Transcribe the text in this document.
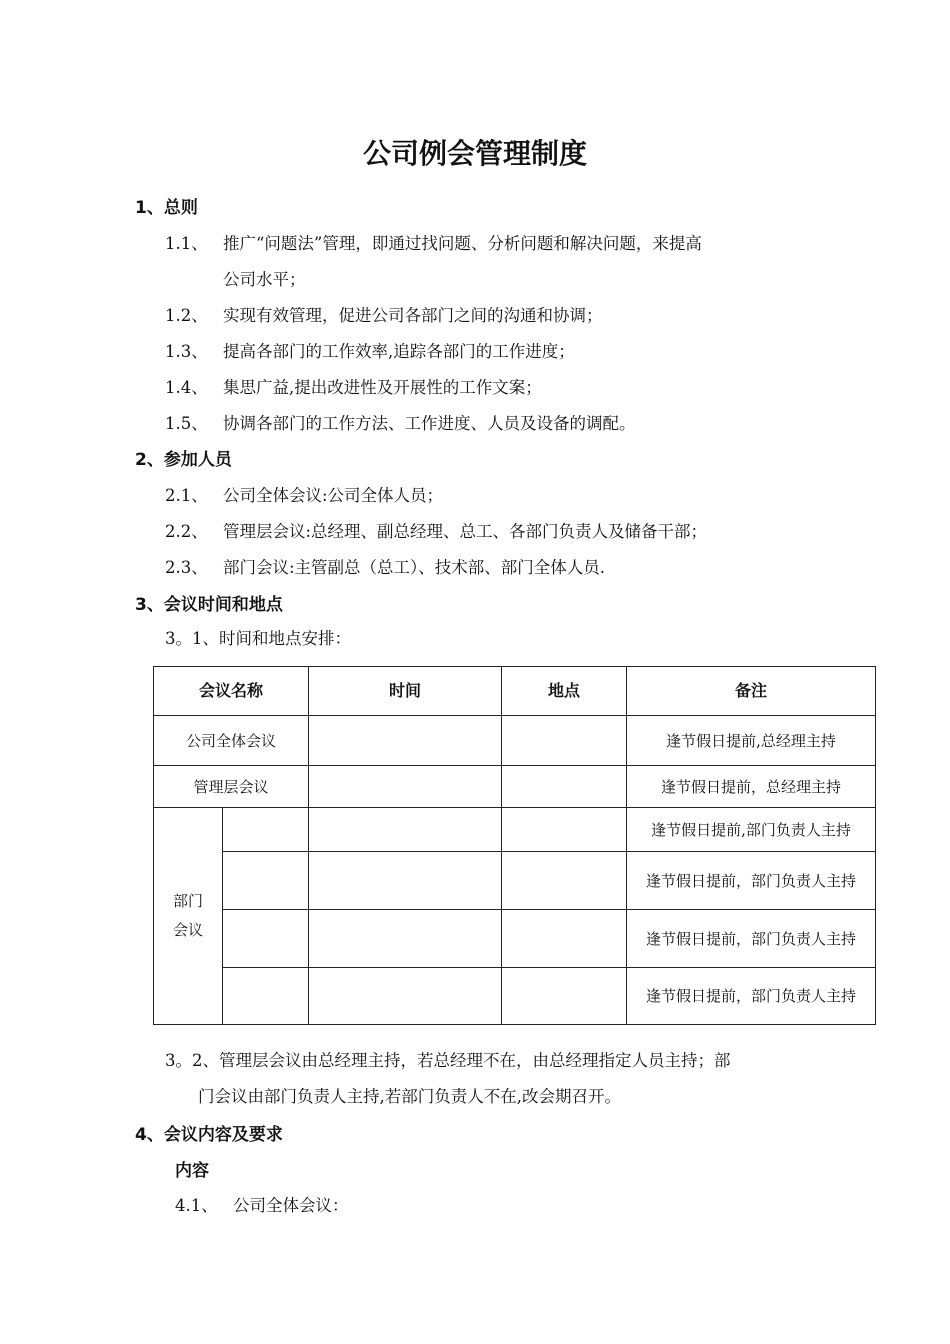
公司例会管理制度
1、总则
1.1、 推广“问题法”管理，即通过找问题、分析问题和解决问题，来提高
公司水平；
1.2、 实现有效管理，促进公司各部门之间的沟通和协调；
1.3、 提高各部门的工作效率,追踪各部门的工作进度；
1.4、 集思广益,提出改进性及开展性的工作文案；
1.5、 协调各部门的工作方法、工作进度、人员及设备的调配。
2、参加人员
2.1、 公司全体会议:公司全体人员；
2.2、 管理层会议:总经理、副总经理、总工、各部门负责人及储备干部；
2.3、 部门会议:主管副总（总工）、技术部、部门全体人员.
3、会议时间和地点
3。1、时间和地点安排：
会议名称		时间	地点	备注
公司全体会议				逢节假日提前,总经理主持
管理层会议				逢节假日提前，总经理主持
部门会议				逢节假日提前,部门负责人主持
				逢节假日提前，部门负责人主持
				逢节假日提前，部门负责人主持
				逢节假日提前，部门负责人主持
3。2、管理层会议由总经理主持，若总经理不在，由总经理指定人员主持；部
门会议由部门负责人主持,若部门负责人不在,改会期召开。
4、会议内容及要求
内容
4.1、 公司全体会议：
